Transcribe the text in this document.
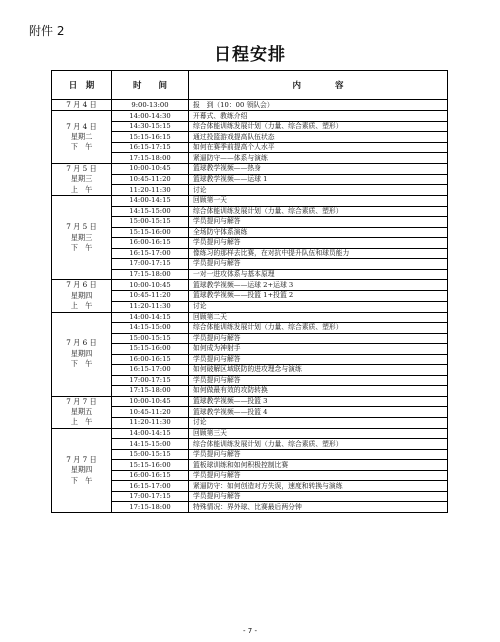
附件 2
日程安排
日　期	时　　间	内　　　　容

7 月 4 日	9:00-13:00	报　到（10：00 领队会）

7 月 4 日
星期二
下　午	14:00-14:30	开幕式、教练介绍
	14:30-15:15	综合体能训练发展计划（力量、综合素质、塑形）
	15:15-16:15	通过投篮游戏提高队伍状态
	16:15-17:15	如何在赛季前提高个人水平
	17:15-18:00	紧逼防守——体系与演练

7 月 5 日
星期三
上　午	10:00-10:45	篮球教学视频——热身
	10:45-11:20	篮球教学视频——运球 1
	11:20-11:30	讨论

7 月 5 日
星期三
下　午	14:00-14:15	回顾第一天
	14:15-15:00	综合体能训练发展计划（力量、综合素质、塑形）
	15:00-15:15	学员提问与解答
	15:15-16:00	全场防守体系演练
	16:00-16:15	学员提问与解答
	16:15-17:00	像练习的那样去比赛，在对抗中提升队伍和球员能力
	17:00-17:15	学员提问与解答
	17:15-18:00	一对一进攻体系与基本原理

7 月 6 日
星期四
上　午	10:00-10:45	篮球教学视频——运球 2+运球 3
	10:45-11:20	篮球教学视频——投篮 1+投篮 2
	11:20-11:30	讨论

7 月 6 日
星期四
下　午	14:00-14:15	回顾第二天
	14:15-15:00	综合体能训练发展计划（力量、综合素质、塑形）
	15:00-15:15	学员提问与解答
	15:15-16:00	如何成为神射手
	16:00-16:15	学员提问与解答
	16:15-17:00	如何破解区域联防的进攻理念与演练
	17:00-17:15	学员提问与解答
	17:15-18:00	如何做最有效的攻防转换

7 月 7 日
星期五
上　午	10:00-10:45	篮球教学视频——投篮 3
	10:45-11:20	篮球教学视频——投篮 4
	11:20-11:30	讨论

7 月 7 日
星期四
下　午	14:00-14:15	回顾第三天
	14:15-15:00	综合体能训练发展计划（力量、综合素质、塑形）
	15:00-15:15	学员提问与解答
	15:15-16:00	篮板球训练和如何积极控制比赛
	16:00-16:15	学员提问与解答
	16:15-17:00	紧逼防守：如何创造对方失误，速度和转换与演练
	17:00-17:15	学员提问与解答
	17:15-18:00	特殊情况：界外球、比赛最后两分钟
- 7 -
